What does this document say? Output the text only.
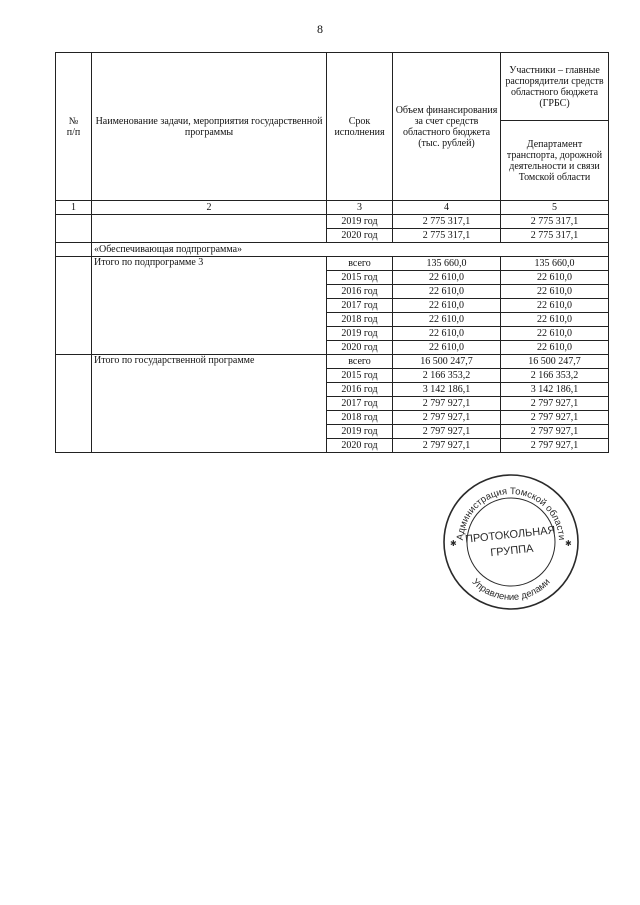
8
№
п/п	Наименование задачи, мероприятия государственной программы	Срок исполнения	Объем финансирования за счет средств областного бюджета (тыс. рублей)	Участники – главные распорядители средств областного бюджета (ГРБС)
				Департамент транспорта, дорожной деятельности и связи Томской области
1	2	3	4	5
		2019 год	2 775 317,1	2 775 317,1
		2020 год	2 775 317,1	2 775 317,1
	«Обеспечивающая подпрограмма»			
	Итого по подпрограмме 3	всего	135 660,0	135 660,0
		2015 год	22 610,0	22 610,0
		2016 год	22 610,0	22 610,0
		2017 год	22 610,0	22 610,0
		2018 год	22 610,0	22 610,0
		2019 год	22 610,0	22 610,0
		2020 год	22 610,0	22 610,0
	Итого по государственной программе	всего	16 500 247,7	16 500 247,7
		2015 год	2 166 353,2	2 166 353,2
		2016 год	3 142 186,1	3 142 186,1
		2017 год	2 797 927,1	2 797 927,1
		2018 год	2 797 927,1	2 797 927,1
		2019 год	2 797 927,1	2 797 927,1
		2020 год	2 797 927,1	2 797 927,1
Администрация Томской области
Управление делами
✱	✱
ПРОТОКОЛЬНАЯ
ГРУППА
